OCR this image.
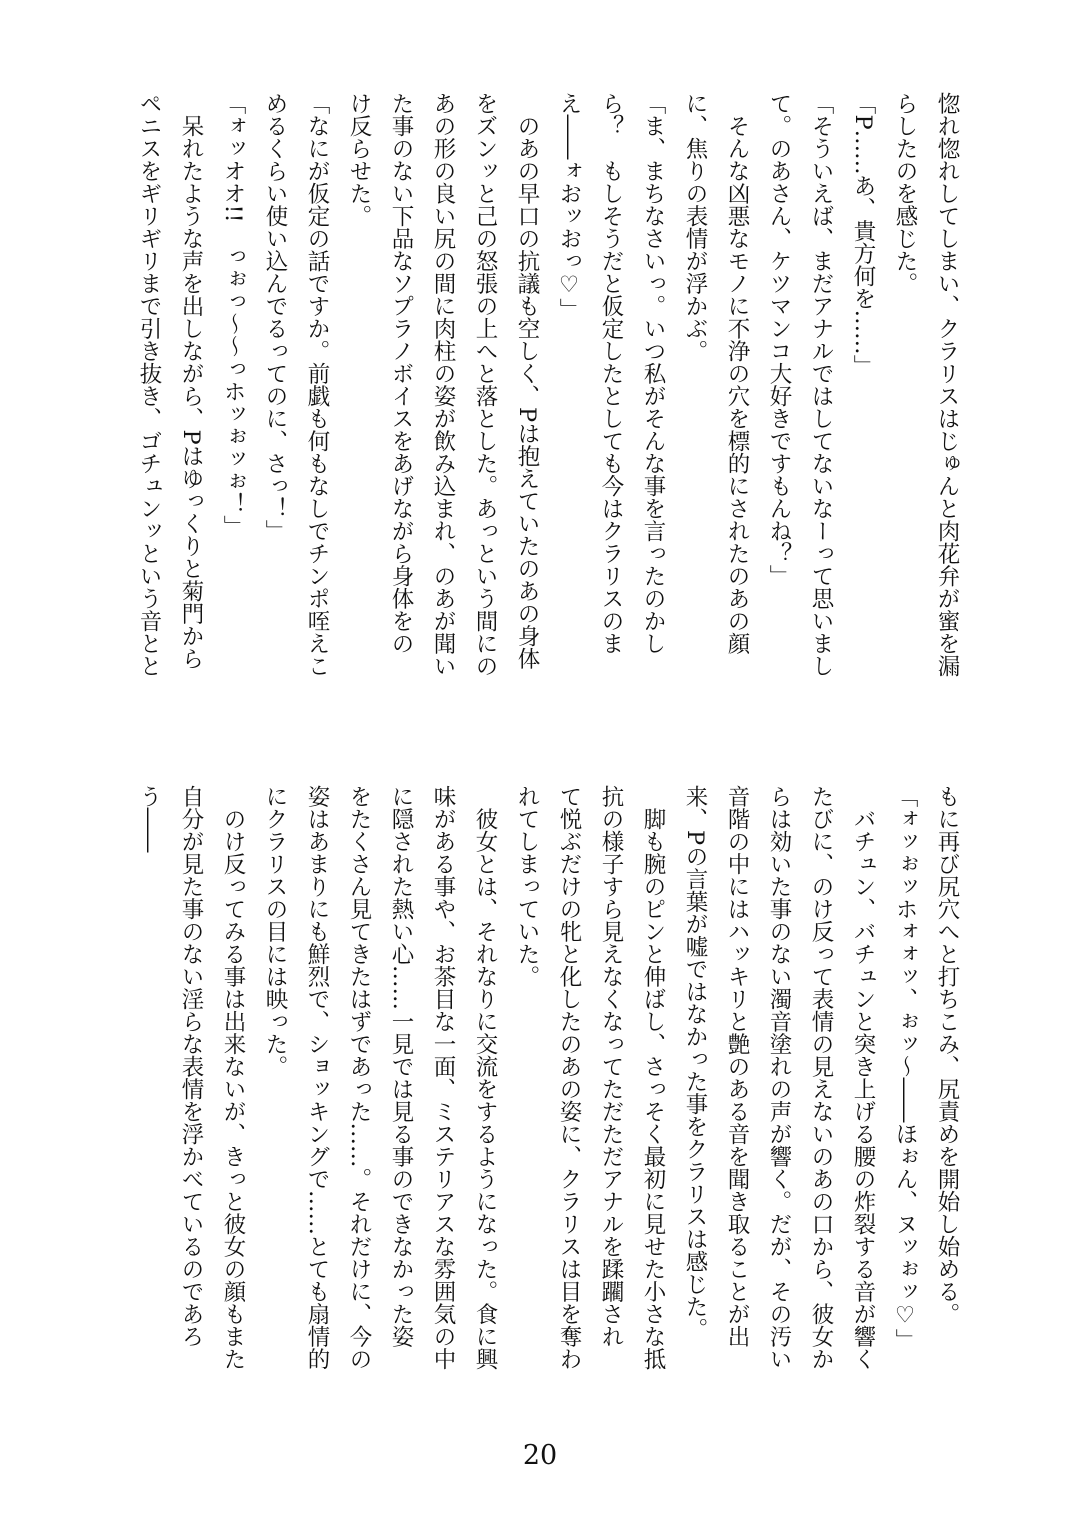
惚れ惚れしてしまい、クラリスはじゅんと肉花弁が蜜を漏
らしたのを感じた。
「P……あ、貴方何を……」
「そういえば、まだアナルではしてないなーって思いまし
て。のあさん、ケツマンコ大好きですもんね？」
　そんな凶悪なモノに不浄の穴を標的にされたのあの顔
に、焦りの表情が浮かぶ。
「ま、まちなさいっ。いつ私がそんな事を言ったのかし
ら？　もしそうだと仮定したとしても今はクラリスのま
え――ォおッおっ♡」
　のあの早口の抗議も空しく、Pは抱えていたのあの身体
をズンッと己の怒張の上へと落とした。あっという間にの
あの形の良い尻の間に肉柱の姿が飲み込まれ、のあが聞い
た事のない下品なソプラノボイスをあげながら身体をの
け反らせた。
「なにが仮定の話ですか。前戯も何もなしでチンポ咥えこ
めるくらい使い込んでるってのに、さっ！」
「ォッオオ!!　っぉっ～～っホッぉッぉ！」
　呆れたような声を出しながら、Pはゆっくりと菊門から
ペニスをギリギリまで引き抜き、ゴチュンッという音とと
もに再び尻穴へと打ちこみ、尻責めを開始し始める。
「ォッぉッホォォッ、ぉッ～――ほぉん、ヌッぉッ♡」
　バチュン、バチュンと突き上げる腰の炸裂する音が響く
たびに、のけ反って表情の見えないのあの口から、彼女か
らは効いた事のない濁音塗れの声が響く。だが、その汚い
音階の中にはハッキリと艶のある音を聞き取ることが出
来、Pの言葉が嘘ではなかった事をクラリスは感じた。
　脚も腕のピンと伸ばし、さっそく最初に見せた小さな抵
抗の様子すら見えなくなってただただアナルを蹂躙され
て悦ぶだけの牝と化したのあの姿に、クラリスは目を奪わ
れてしまっていた。
　彼女とは、それなりに交流をするようになった。食に興
味がある事や、お茶目な一面、ミステリアスな雰囲気の中
に隠された熱い心……一見では見る事のできなかった姿
をたくさん見てきたはずであった……。それだけに、今の
姿はあまりにも鮮烈で、ショッキングで……とても扇情的
にクラリスの目には映った。
　のけ反ってみる事は出来ないが、きっと彼女の顔もまた
自分が見た事のない淫らな表情を浮かべているのであろ
う――
20
